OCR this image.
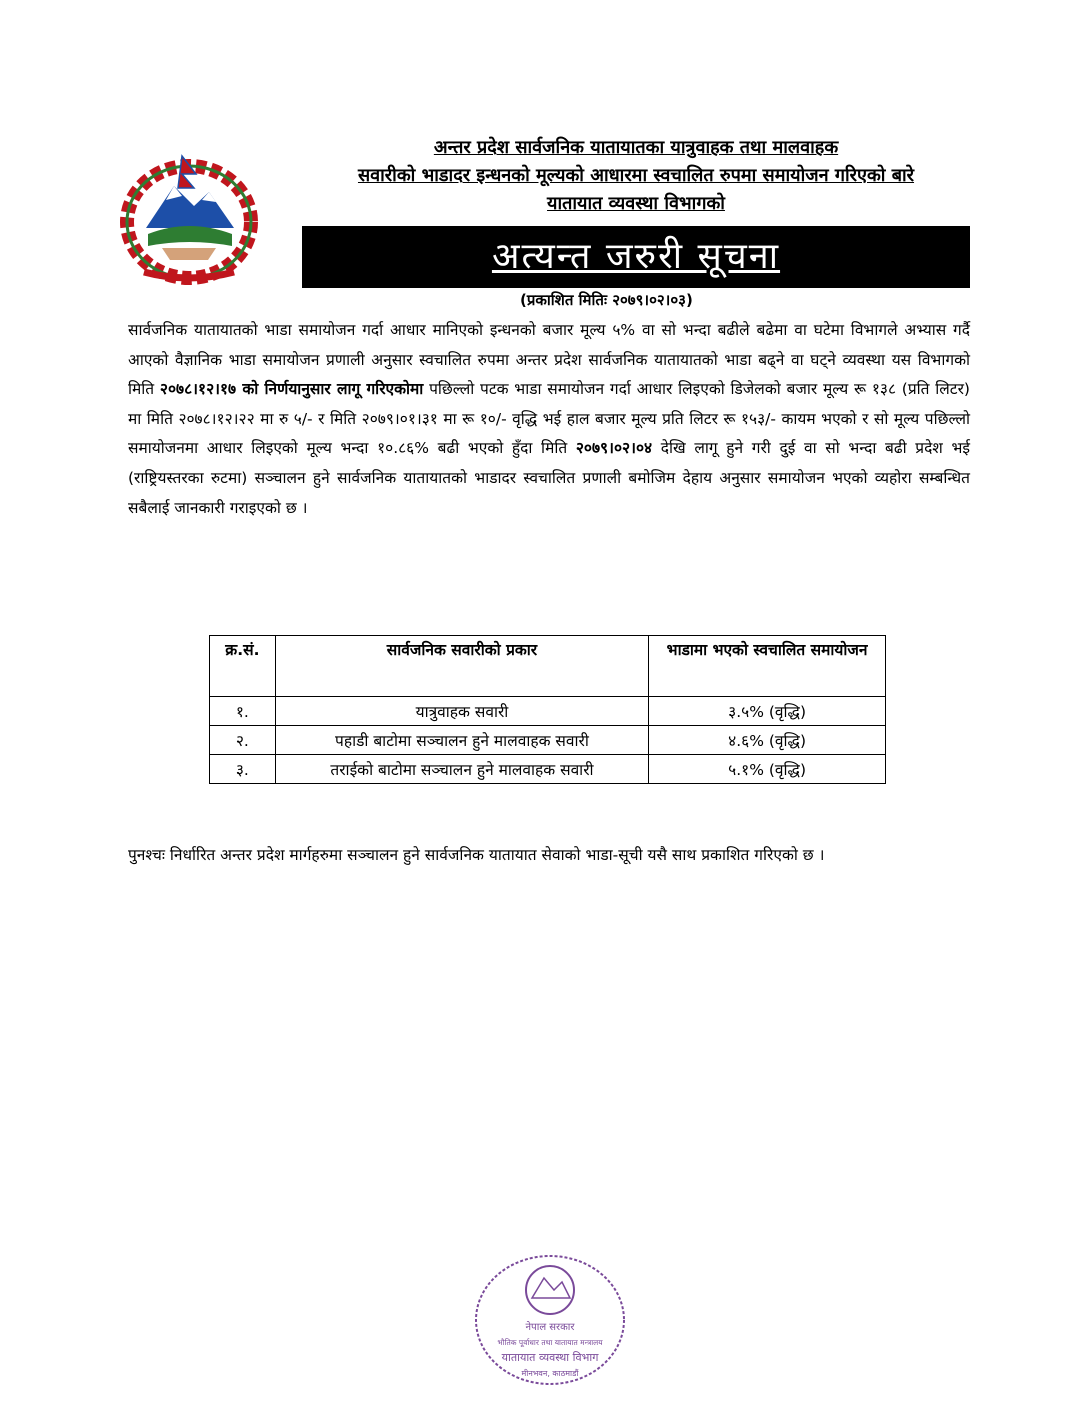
अन्तर प्रदेश सार्वजनिक यातायातका यात्रुवाहक तथा मालवाहक
सवारीको भाडादर इन्धनको मूल्यको आधारमा स्वचालित रुपमा समायोजन गरिएको बारे
यातायात व्यवस्था विभागको
अत्यन्त जरुरी सूचना
(प्रकाशित मितिः २०७९।०२।०३)

सार्वजनिक यातायातको भाडा समायोजन गर्दा आधार मानिएको इन्धनको बजार मूल्य ५% वा सो भन्दा बढीले बढेमा वा घटेमा विभागले अभ्यास गर्दै आएको वैज्ञानिक भाडा समायोजन प्रणाली अनुसार स्वचालित रुपमा अन्तर प्रदेश सार्वजनिक यातायातको भाडा बढ्ने वा घट्ने व्यवस्था यस विभागको मिति २०७८।१२।१७ को निर्णयानुसार लागू गरिएकोमा पछिल्लो पटक भाडा समायोजन गर्दा आधार लिइएको डिजेलको बजार मूल्य रू १३८ (प्रति लिटर) मा मिति २०७८।१२।२२ मा रु ५/- र मिति २०७९।०१।३१ मा रू १०/- वृद्धि भई हाल बजार मूल्य प्रति लिटर रू १५३/- कायम भएको र सो मूल्य पछिल्लो समायोजनमा आधार लिइएको मूल्य भन्दा १०.८६% बढी भएको हुँदा मिति २०७९।०२।०४ देखि लागू हुने गरी दुई वा सो भन्दा बढी प्रदेश भई (राष्ट्रियस्तरका रुटमा) सञ्चालन हुने सार्वजनिक यातायातको भाडादर स्वचालित प्रणाली बमोजिम देहाय अनुसार समायोजन भएको व्यहोरा सम्बन्धित सबैलाई जानकारी गराइएको छ ।

क्र.सं.	सार्वजनिक सवारीको प्रकार	भाडामा भएको स्वचालित समायोजन
१.	यात्रुवाहक सवारी	३.५% (वृद्धि)
२.	पहाडी बाटोमा सञ्चालन हुने मालवाहक सवारी	४.६% (वृद्धि)
३.	तराईको बाटोमा सञ्चालन हुने मालवाहक सवारी	५.१% (वृद्धि)

पुनश्चः निर्धारित अन्तर प्रदेश मार्गहरुमा सञ्चालन हुने सार्वजनिक यातायात सेवाको भाडा-सूची यसै साथ प्रकाशित गरिएको छ ।

नेपाल सरकार
भौतिक पूर्वाधार तथा यातायात मन्त्रालय
यातायात व्यवस्था विभाग
मीनभवन, काठमाडौं
